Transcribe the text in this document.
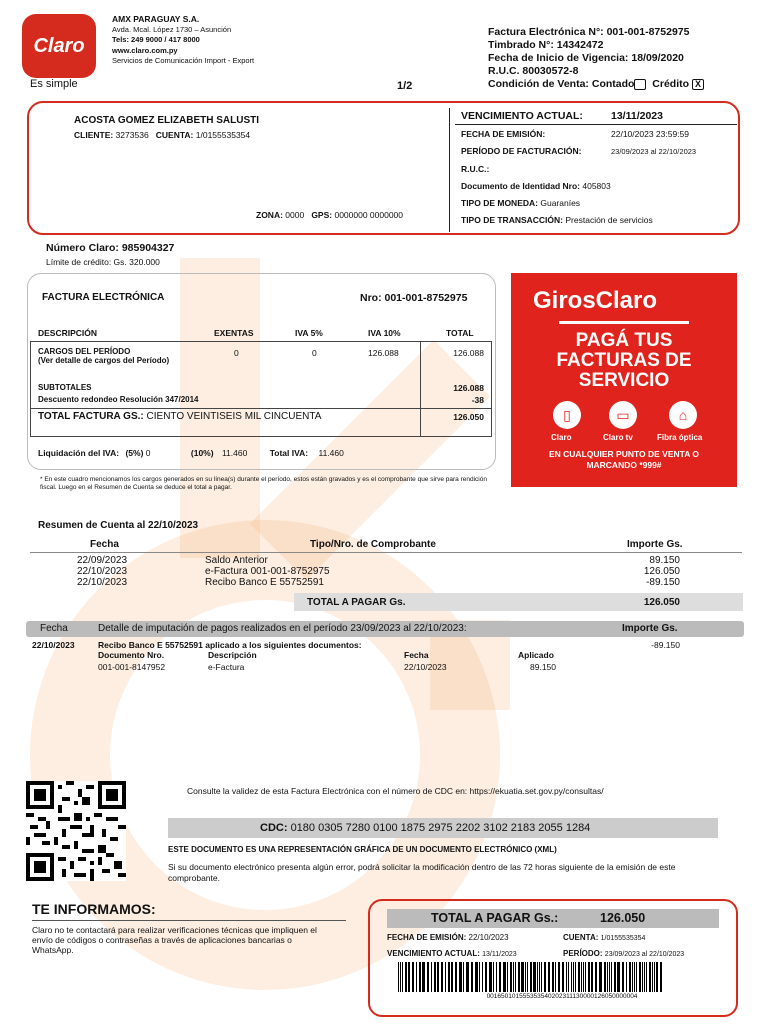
Claro
Es simple
AMX PARAGUAY S.A.
Avda. Mcal. López 1730 – Asunción
Tels: 249 9000 / 417 8000
www.claro.com.py
Servicios de Comunicación Import - Export
Factura Electrónica N°: 001-001-8752975
Timbrado N°: 14342472
Fecha de Inicio de Vigencia: 18/09/2020
R.U.C. 80030572-8
Condición de Venta: Contado Crédito X
1/2
ACOSTA GOMEZ ELIZABETH SALUSTI
CLIENTE: 3273536 CUENTA: 1/0155535354
ZONA: 0000 GPS: 0000000 0000000
VENCIMIENTO ACTUAL:	13/11/2023
FECHA DE EMISIÓN:	22/10/2023 23:59:59
PERÍODO DE FACTURACIÓN:	23/09/2023 al 22/10/2023
R.U.C.:
Documento de Identidad Nro: 405803
TIPO DE MONEDA: Guaraníes
TIPO DE TRANSACCIÓN: Prestación de servicios
Número Claro: 985904327
Límite de crédito: Gs. 320.000
FACTURA ELECTRÓNICA	Nro: 001-001-8752975
DESCRIPCIÓN	EXENTAS	IVA 5%	IVA 10%	TOTAL
CARGOS DEL PERÍODO
(Ver detalle de cargos del Período)
0	0	126.088	126.088
SUBTOTALES	126.088
Descuento redondeo Resolución 347/2014	-38
TOTAL FACTURA GS.: CIENTO VEINTISEIS MIL CINCUENTA	126.050
Liquidación del IVA: (5%) 0	(10%) 11.460	Total IVA: 11.460
GirosClaro
PAGÁ TUS
FACTURAS DE
SERVICIO
▯	▭	⌂
Claro	Claro tv	Fibra óptica
EN CUALQUIER PUNTO DE VENTA O
MARCANDO *999#
* En este cuadro mencionamos los cargos generados en su línea(s) durante el período, estos están gravados y es el comprobante que sirve para rendición fiscal. Luego en el Resumen de Cuenta se deduce el total a pagar.
Resumen de Cuenta al 22/10/2023
Fecha	Tipo/Nro. de Comprobante	Importe Gs.
22/09/2023	Saldo Anterior	89.150
22/10/2023	e-Factura 001-001-8752975	126.050
22/10/2023	Recibo Banco E 55752591	-89.150
TOTAL A PAGAR Gs.	126.050
Fecha	Detalle de imputación de pagos realizados en el período 23/09/2023 al 22/10/2023:	Importe Gs.
22/10/2023	Recibo Banco E 55752591 aplicado a los siguientes documentos:	-89.150
Documento Nro.	Descripción	Fecha	Aplicado
001-001-8147952	e-Factura	22/10/2023	89.150
Consulte la validez de esta Factura Electrónica con el número de CDC en: https://ekuatia.set.gov.py/consultas/
CDC: 0180 0305 7280 0100 1875 2975 2202 3102 2183 2055 1284
ESTE DOCUMENTO ES UNA REPRESENTACIÓN GRÁFICA DE UN DOCUMENTO ELECTRÓNICO (XML)
Si su documento electrónico presenta algún error, podrá solicitar la modificación dentro de las 72 horas siguiente de la emisión de este comprobante.
TE INFORMAMOS:
Claro no te contactará para realizar verificaciones técnicas que impliquen el envío de códigos o contraseñas a través de aplicaciones bancarias o WhatsApp.
TOTAL A PAGAR Gs.:	126.050
FECHA DE EMISIÓN: 22/10/2023	CUENTA: 1/0155535354
VENCIMIENTO ACTUAL: 13/11/2023	PERÍODO: 23/09/2023 al 22/10/2023
001650101555353540202311130000126050000004
